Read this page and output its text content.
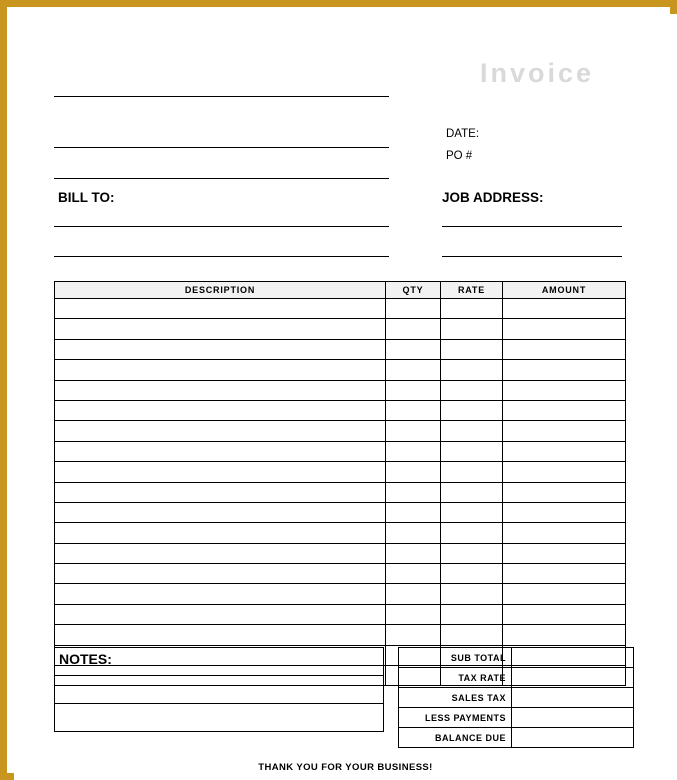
Invoice
DATE:
PO #
BILL TO:	JOB ADDRESS:
DESCRIPTION	QTY	RATE	AMOUNT

NOTES:	SUB TOTAL	
TAX RATE	
SALES TAX	
LESS PAYMENTS	
BALANCE DUE	
THANK YOU FOR YOUR BUSINESS!
